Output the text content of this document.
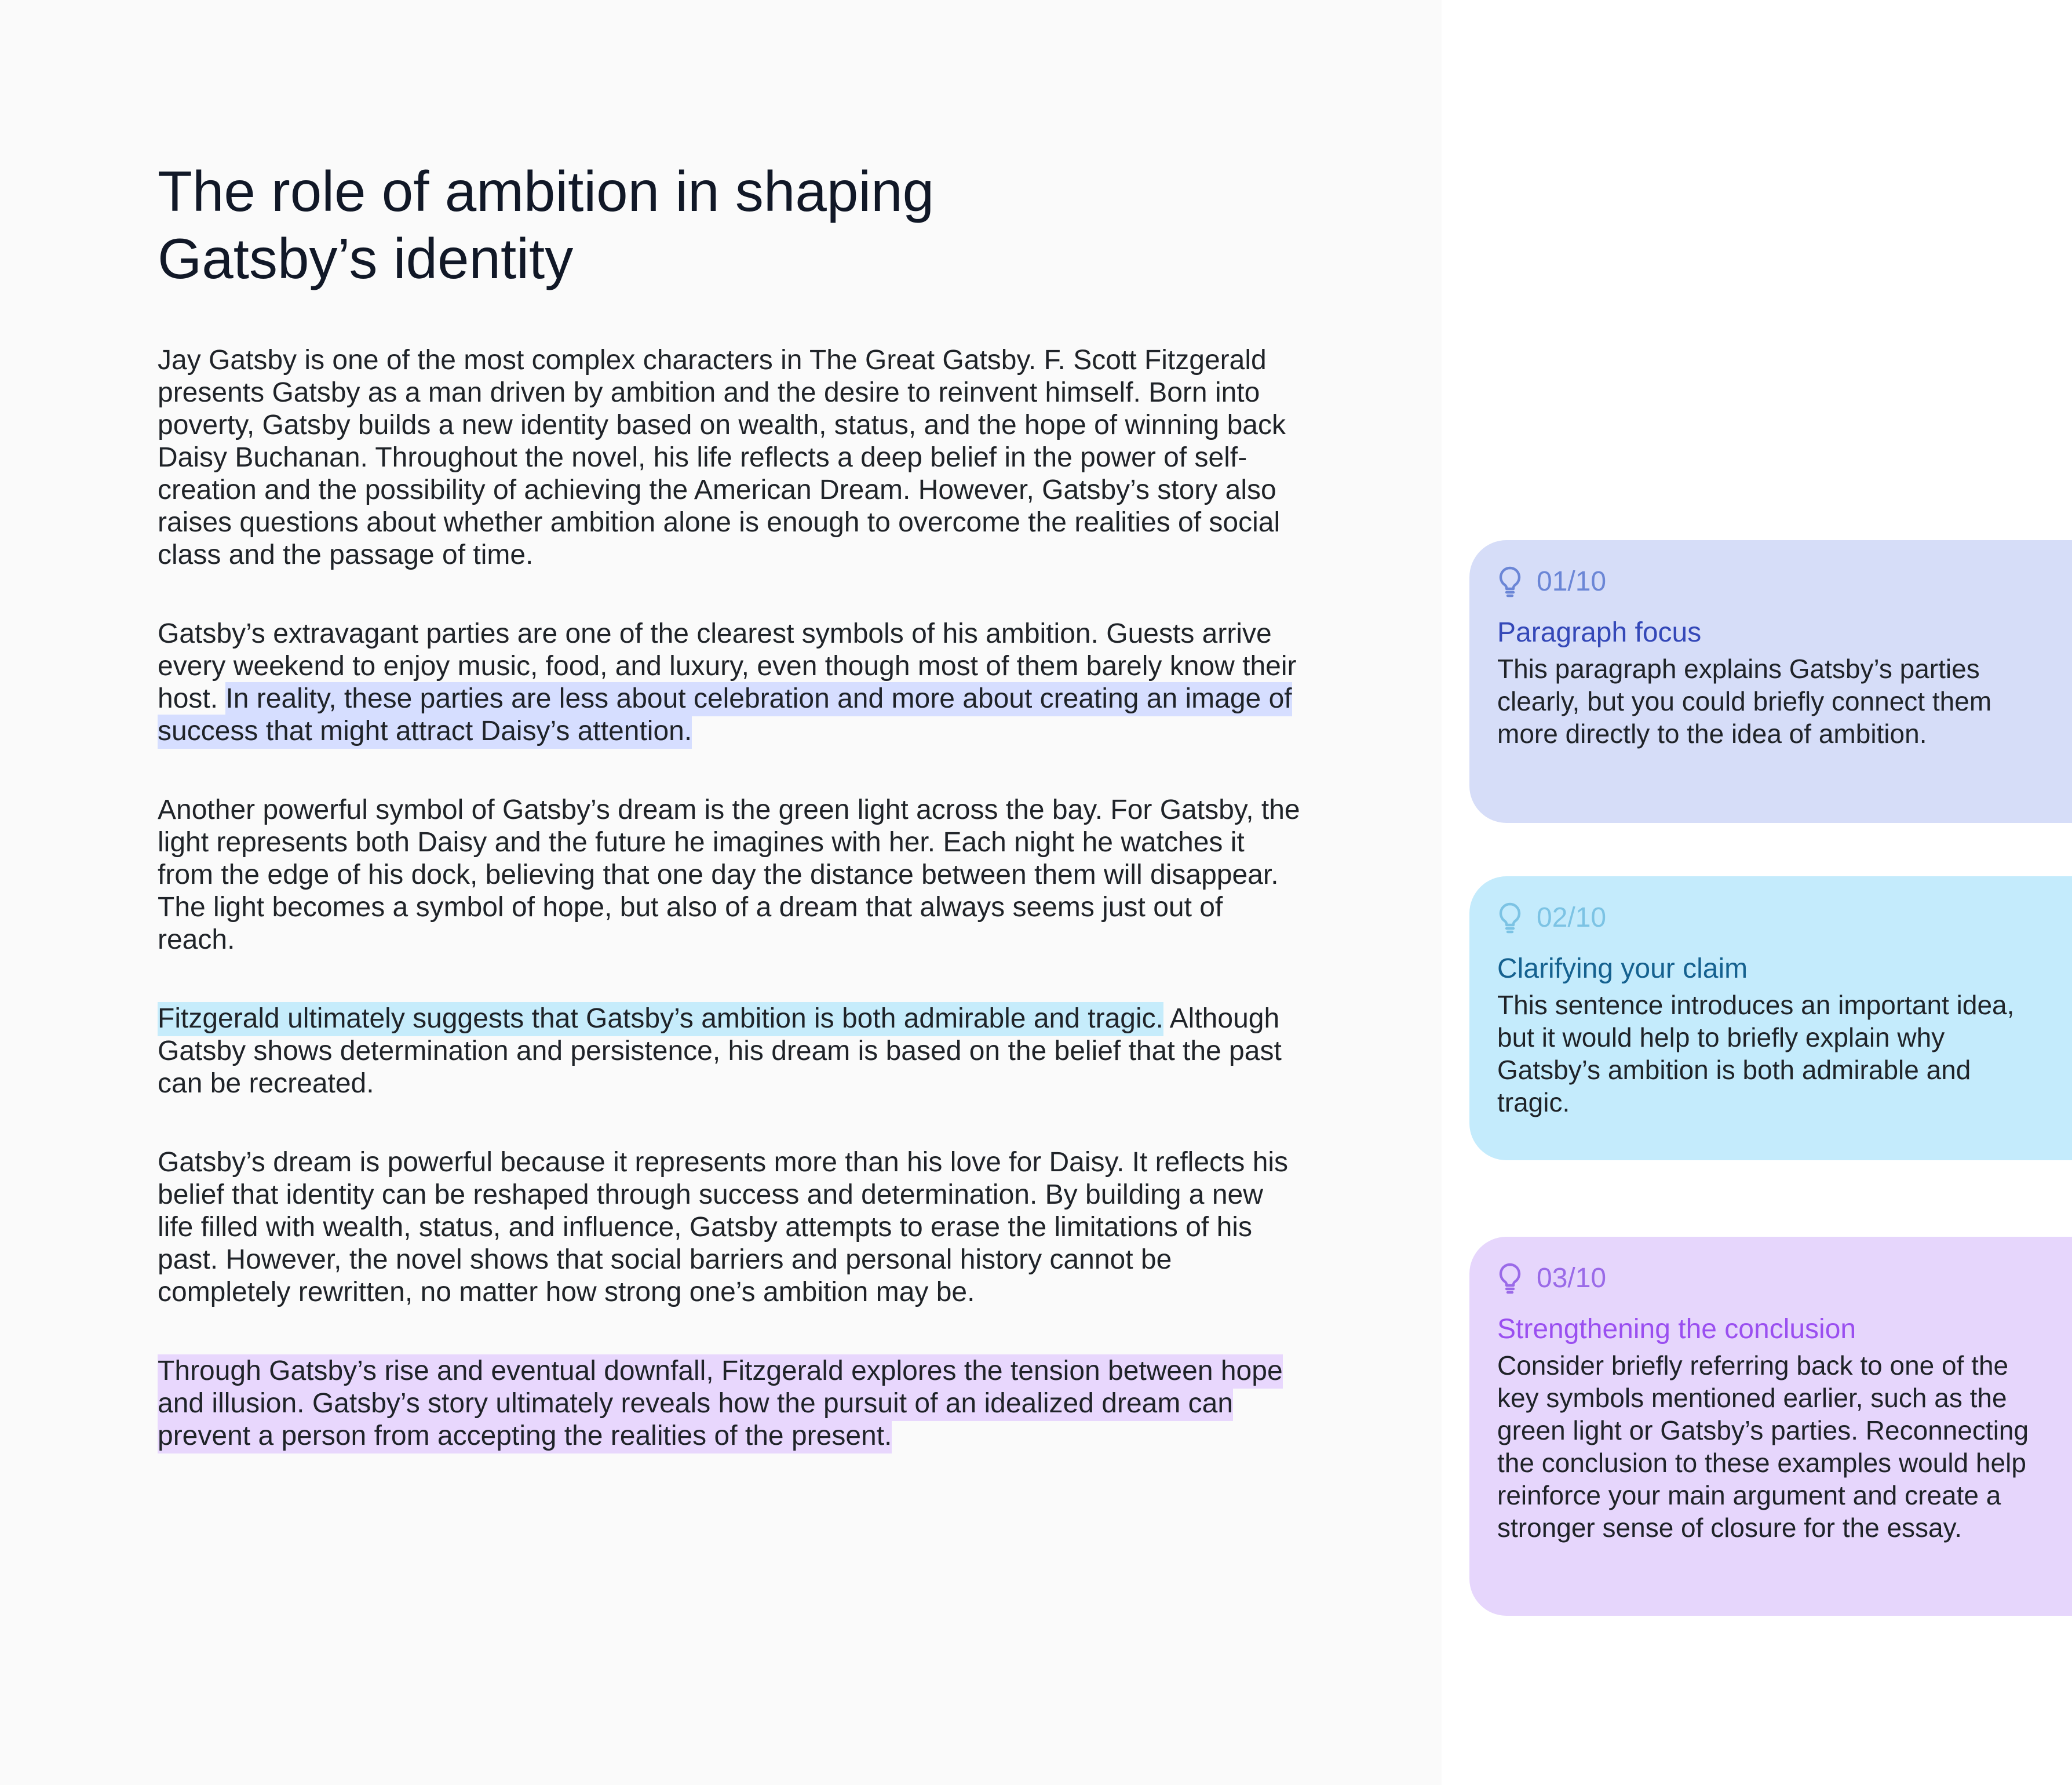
The role of ambition in shaping Gatsby’s identity

Jay Gatsby is one of the most complex characters in The Great Gatsby. F. Scott Fitzgerald presents Gatsby as a man driven by ambition and the desire to reinvent himself. Born into poverty, Gatsby builds a new identity based on wealth, status, and the hope of winning back Daisy Buchanan. Throughout the novel, his life reflects a deep belief in the power of self-creation and the possibility of achieving the American Dream. However, Gatsby’s story also raises questions about whether ambition alone is enough to overcome the realities of social class and the passage of time.

Gatsby’s extravagant parties are one of the clearest symbols of his ambition. Guests arrive every weekend to enjoy music, food, and luxury, even though most of them barely know their host. In reality, these parties are less about celebration and more about creating an image of success that might attract Daisy’s attention.

Another powerful symbol of Gatsby’s dream is the green light across the bay. For Gatsby, the light represents both Daisy and the future he imagines with her. Each night he watches it from the edge of his dock, believing that one day the distance between them will disappear. The light becomes a symbol of hope, but also of a dream that always seems just out of reach.

Fitzgerald ultimately suggests that Gatsby’s ambition is both admirable and tragic. Although Gatsby shows determination and persistence, his dream is based on the belief that the past can be recreated.

Gatsby’s dream is powerful because it represents more than his love for Daisy. It reflects his belief that identity can be reshaped through success and determination. By building a new life filled with wealth, status, and influence, Gatsby attempts to erase the limitations of his past. However, the novel shows that social barriers and personal history cannot be completely rewritten, no matter how strong one’s ambition may be.

Through Gatsby’s rise and eventual downfall, Fitzgerald explores the tension between hope and illusion. Gatsby’s story ultimately reveals how the pursuit of an idealized dream can prevent a person from accepting the realities of the present.

01/10
Paragraph focus

This paragraph explains Gatsby’s parties clearly, but you could briefly connect them more directly to the idea of ambition.

02/10
Clarifying your claim

This sentence introduces an important idea, but it would help to briefly explain why Gatsby’s ambition is both admirable and tragic.

03/10
Strengthening the conclusion

Consider briefly referring back to one of the key symbols mentioned earlier, such as the green light or Gatsby’s parties. Reconnecting the conclusion to these examples would help reinforce your main argument and create a stronger sense of closure for the essay.
